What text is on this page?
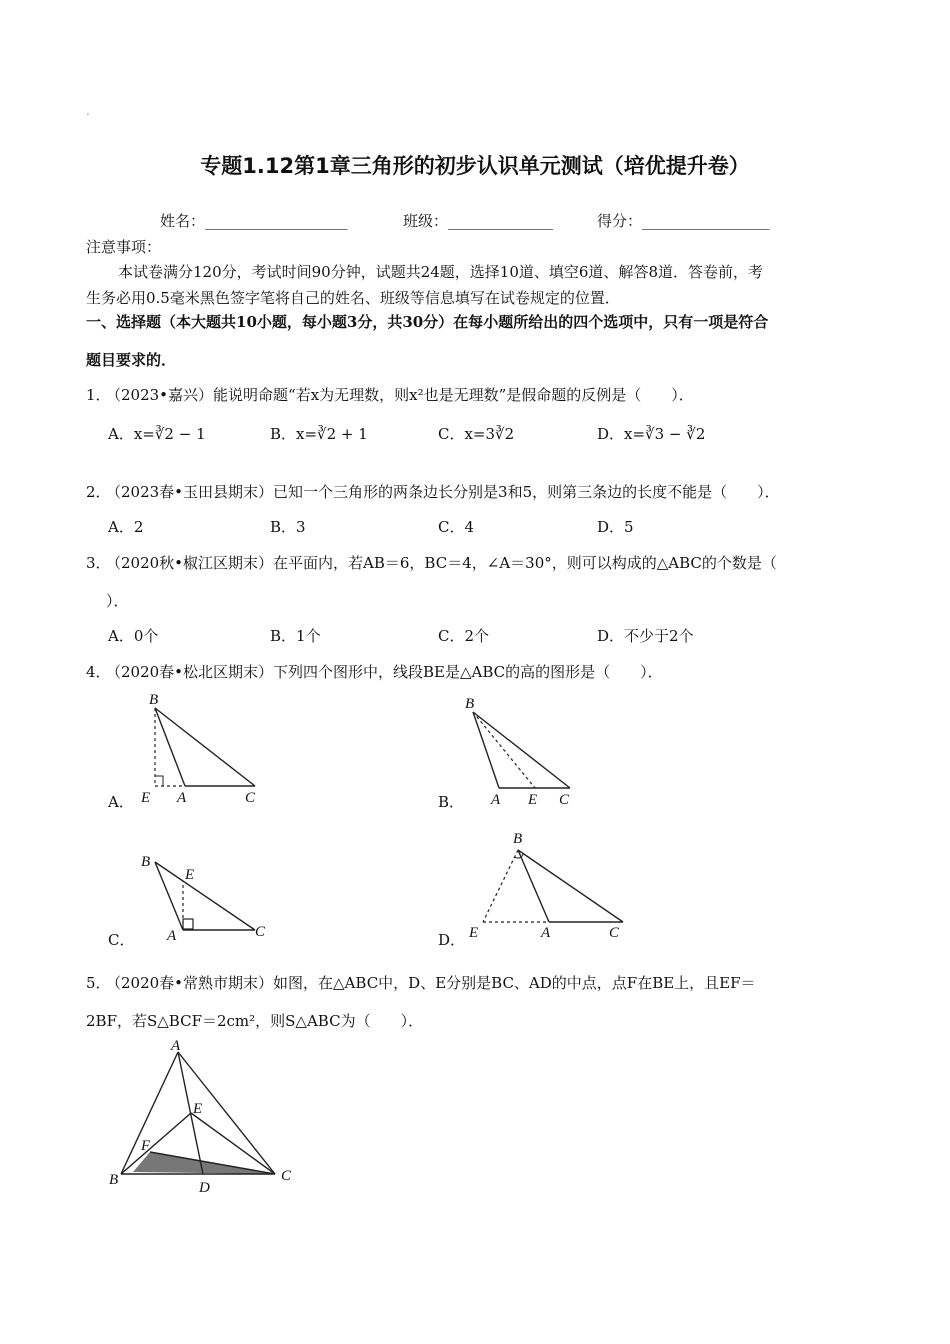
.
专题1.12第1章三角形的初步认识单元测试（培优提升卷）
姓名：___________________	班级：______________	得分：_________________
注意事项：
本试卷满分120分，考试时间90分钟，试题共24题，选择10道、填空6道、解答8道．答卷前，考
生务必用0.5毫米黑色签字笔将自己的姓名、班级等信息填写在试卷规定的位置．
一、选择题（本大题共10小题，每小题3分，共30分）在每小题所给出的四个选项中，只有一项是符合
题目要求的．
1．
（2023•嘉兴）能说明命题“若x为无理数，则x²也是无理数”是假命题的反例是（　　）．
A．x=∛2 − 1	B．x=∛2 + 1	C．x=3∛2	D．x=∛3 − ∛2
2．
（2023春•玉田县期末）已知一个三角形的两条边长分别是3和5，则第三条边的长度不能是（　　）．
A．2	B．3	C．4	D．5
3．
（2020秋•椒江区期末）在平面内，若AB＝6，BC＝4，∠A＝30°，则可以构成的△ABC的个数是（
）．
A．0个	B．1个	C．2个	D．不少于2个
4．
（2020春•松北区期末）下列四个图形中，线段BE是△ABC的高的图形是（　　）．
A．	B．
C．	D．
B
E A	C
B
A E C
B
E
A	C
B
E	A	C
5．
（2020春•常熟市期末）如图，在△ABC中，D、E分别是BC、AD的中点，点F在BE上，且EF＝
2BF，若S△BCF＝2cm²，则S△ABC为（　　）．
A
E
F
B	D
C
